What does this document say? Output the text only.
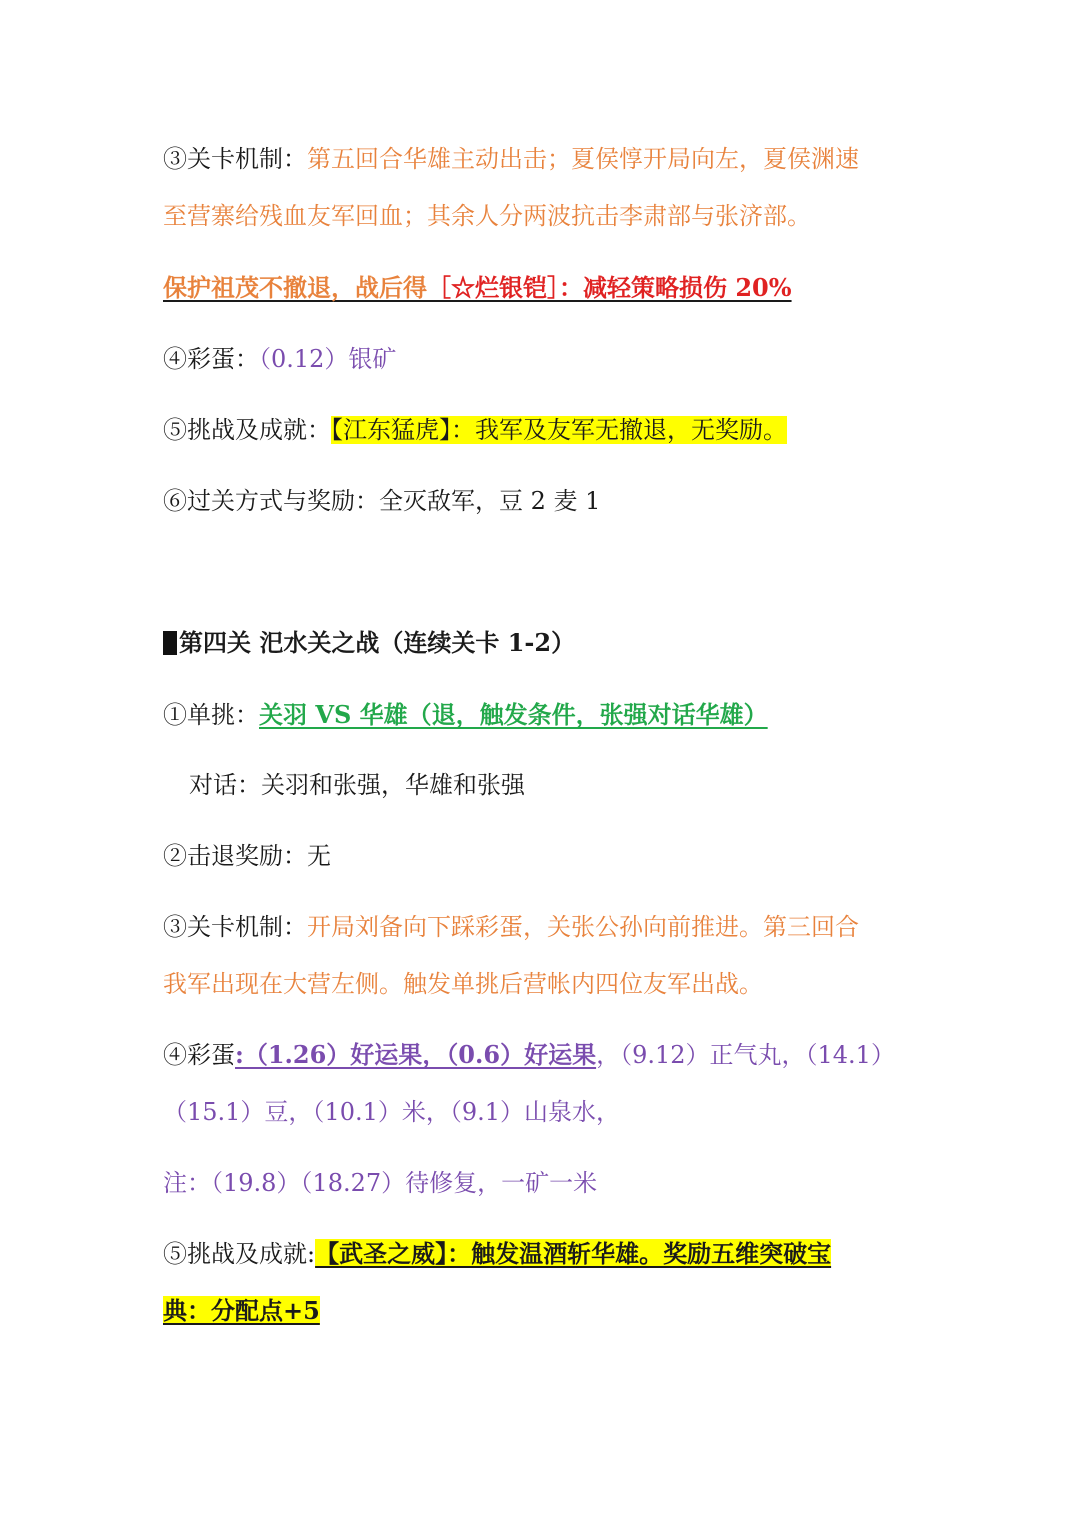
③关卡机制：第五回合华雄主动出击；夏侯惇开局向左，夏侯渊速
至营寨给残血友军回血；其余人分两波抗击李肃部与张济部。
保护祖茂不撤退，战后得［☆烂银铠］：减轻策略损伤 20%
④彩蛋：（0.12）银矿
⑤挑战及成就：【江东猛虎】：我军及友军无撤退，无奖励。
⑥过关方式与奖励：全灭敌军，豆 2 麦 1
第四关 汜水关之战（连续关卡 1-2）
①单挑：关羽 VS 华雄（退，触发条件，张强对话华雄）
对话：关羽和张强，华雄和张强
②击退奖励：无
③关卡机制：开局刘备向下踩彩蛋，关张公孙向前推进。第三回合
我军出现在大营左侧。触发单挑后营帐内四位友军出战。
④彩蛋:（1.26）好运果，（0.6）好运果，（9.12）正气丸，（14.1）
（15.1）豆，（10.1）米，（9.1）山泉水，
注：（19.8）（18.27）待修复，一矿一米
⑤挑战及成就:【武圣之威】：触发温酒斩华雄。奖励五维突破宝
典：分配点+5
